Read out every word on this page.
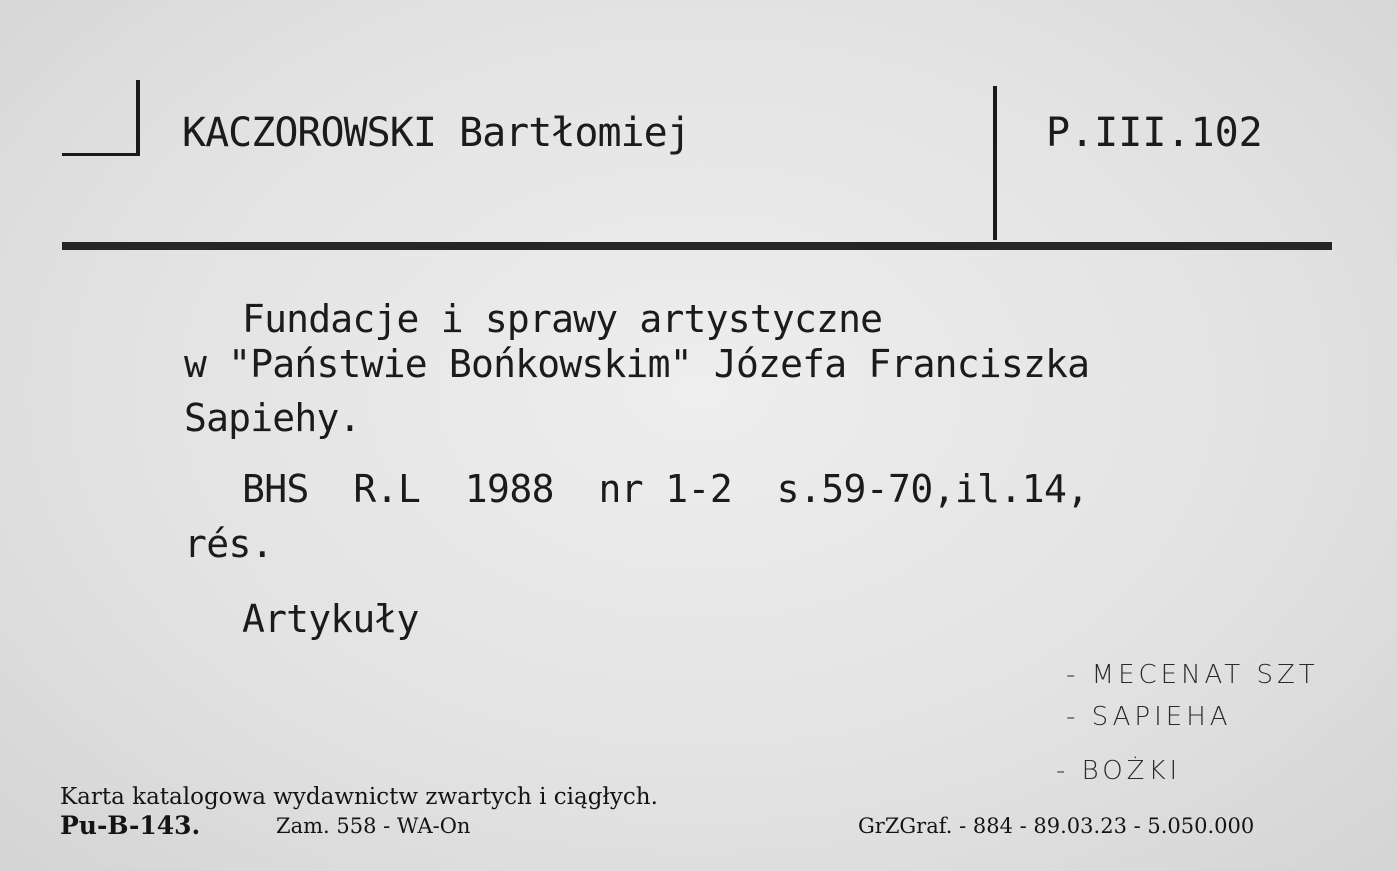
KACZOROWSKI Bartłomiej	P.III.102
Fundacje i sprawy artystyczne
w "Państwie Bońkowskim" Józefa Franciszka
Sapiehy.
BHS  R.L  1988  nr 1-2  s.59-70,il.14,
rés.
Artykuły
- MECENAT SZT
- SAPIEHA
- BOŻKI
Karta katalogowa wydawnictw zwartych i ciągłych.
Pu-B-143.	Zam. 558 - WA-On	GrZGraf. - 884 - 89.03.23 - 5.050.000
